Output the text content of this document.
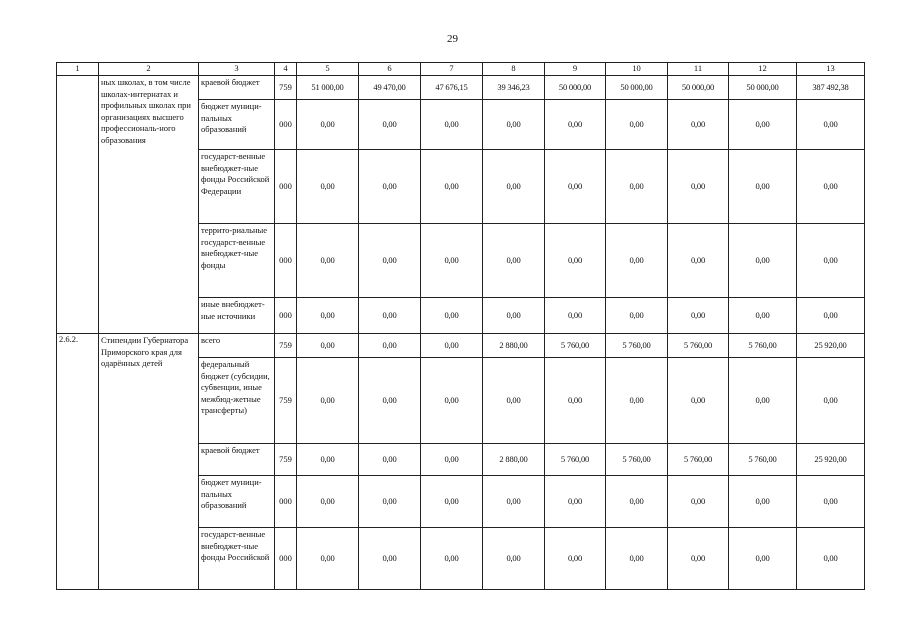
29
1	2	3	4	5	6	7	8	9	10	11	12	13
	ных школах, в том числе школах-интернатах и профильных школах при организациях высшего профессиональ-ного образования	краевой бюджет	759	51 000,00	49 470,00	47 676,15	39 346,23	50 000,00	50 000,00	50 000,00	50 000,00	387 492,38
		бюджет муници-пальных образований	000	0,00	0,00	0,00	0,00	0,00	0,00	0,00	0,00	0,00
		государст-венные внебюджет-ные фонды Российской Федерации	000	0,00	0,00	0,00	0,00	0,00	0,00	0,00	0,00	0,00
		террито-риальные государст-венные внебюджет-ные фонды	000	0,00	0,00	0,00	0,00	0,00	0,00	0,00	0,00	0,00
		иные внебюджет-ные источники	000	0,00	0,00	0,00	0,00	0,00	0,00	0,00	0,00	0,00
2.6.2.	Стипендии Губернатора Приморского края для одарённых детей	всего	759	0,00	0,00	0,00	2 880,00	5 760,00	5 760,00	5 760,00	5 760,00	25 920,00
		федеральный бюджет (субсидии, субвенции, иные межбюд-жетные трансферты)	759	0,00	0,00	0,00	0,00	0,00	0,00	0,00	0,00	0,00
		краевой бюджет	759	0,00	0,00	0,00	2 880,00	5 760,00	5 760,00	5 760,00	5 760,00	25 920,00
		бюджет муници-пальных образований	000	0,00	0,00	0,00	0,00	0,00	0,00	0,00	0,00	0,00
		государст-венные внебюджет-ные фонды Российской	000	0,00	0,00	0,00	0,00	0,00	0,00	0,00	0,00	0,00
